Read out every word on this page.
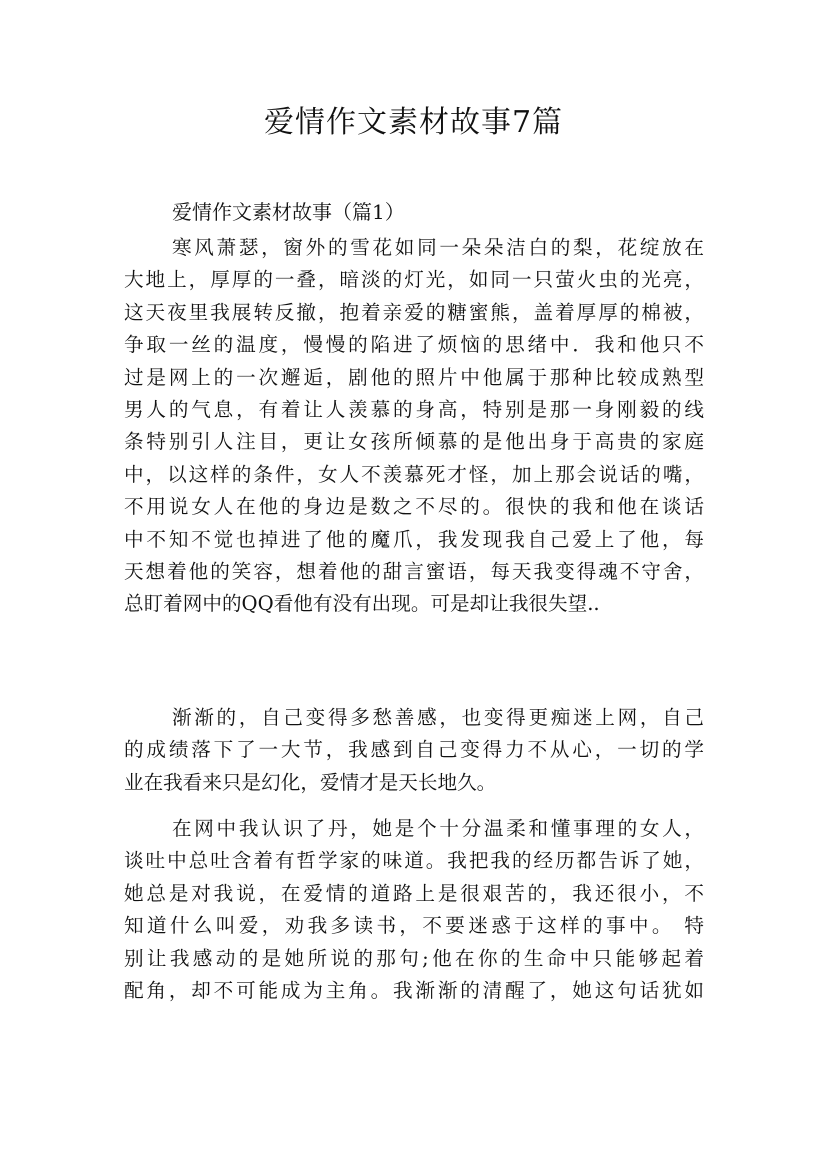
爱情作文素材故事7篇
爱情作文素材故事（篇1）
寒风萧瑟，窗外的雪花如同一朵朵洁白的梨，花绽放在
大地上，厚厚的一叠，暗淡的灯光，如同一只萤火虫的光亮，
这天夜里我展转反撤，抱着亲爱的糖蜜熊，盖着厚厚的棉被，
争取一丝的温度，慢慢的陷进了烦恼的思绪中．我和他只不
过是网上的一次邂逅，剧他的照片中他属于那种比较成熟型
男人的气息，有着让人羡慕的身高，特别是那一身刚毅的线
条特别引人注目，更让女孩所倾慕的是他出身于高贵的家庭
中，以这样的条件，女人不羡慕死才怪，加上那会说话的嘴，
不用说女人在他的身边是数之不尽的。很快的我和他在谈话
中不知不觉也掉进了他的魔爪，我发现我自己爱上了他，每
天想着他的笑容，想着他的甜言蜜语，每天我变得魂不守舍，
总盯着网中的QQ看他有没有出现。可是却让我很失望..
渐渐的，自己变得多愁善感，也变得更痴迷上网，自己
的成绩落下了一大节，我感到自己变得力不从心，一切的学
业在我看来只是幻化，爱情才是天长地久。
在网中我认识了丹，她是个十分温柔和懂事理的女人，
谈吐中总吐含着有哲学家的味道。我把我的经历都告诉了她，
她总是对我说，在爱情的道路上是很艰苦的，我还很小，不
知道什么叫爱，劝我多读书，不要迷惑于这样的事中。 特
别让我感动的是她所说的那句;他在你的生命中只能够起着
配角，却不可能成为主角。我渐渐的清醒了，她这句话犹如
